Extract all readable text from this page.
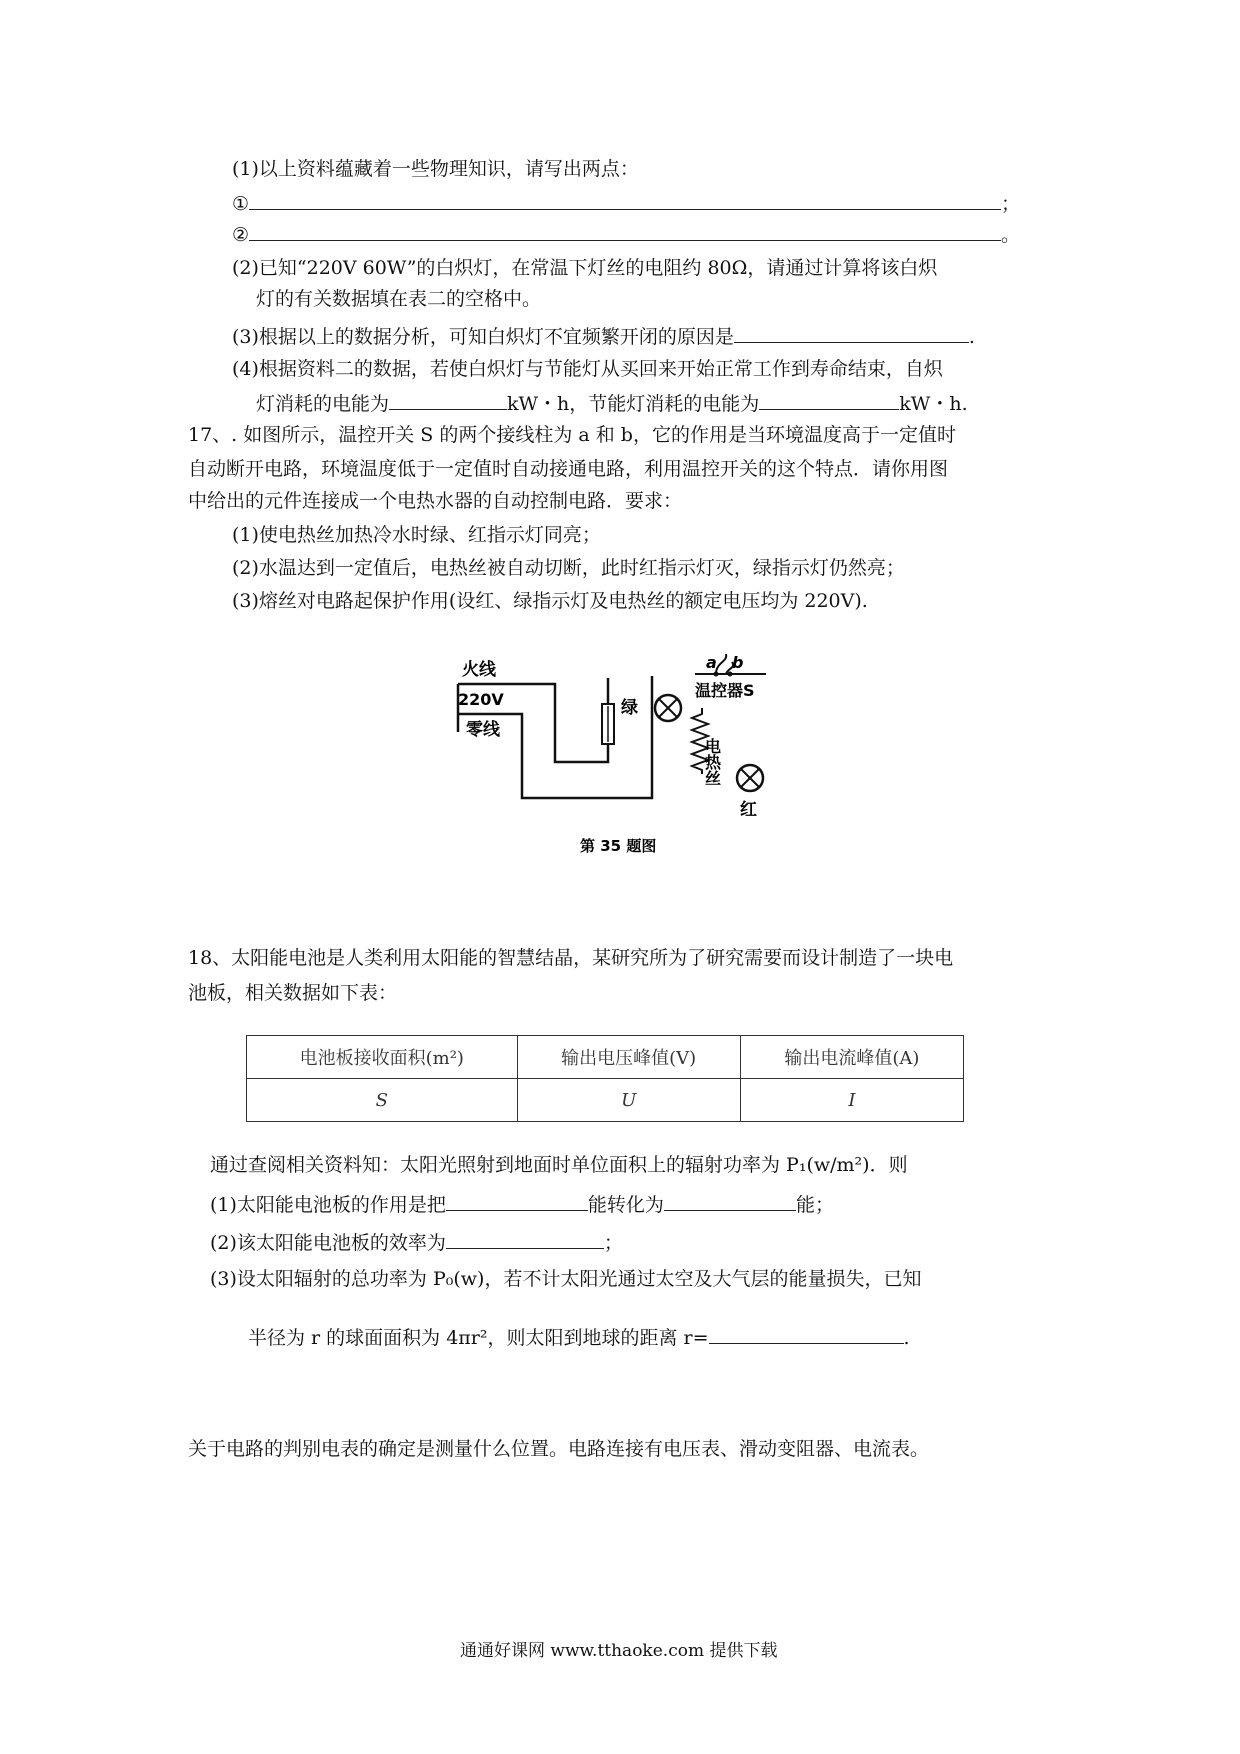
(1)以上资料蕴藏着一些物理知识，请写出两点：
①	；
②	。
(2)已知“220V 60W”的白炽灯，在常温下灯丝的电阻约 80Ω，请通过计算将该白炽
灯的有关数据填在表二的空格中。
(3)根据以上的数据分析，可知白炽灯不宜频繁开闭的原因是	.
(4)根据资料二的数据，若使白炽灯与节能灯从买回来开始正常工作到寿命结束，自炽
灯消耗的电能为	kW・h，节能灯消耗的电能为	kW・h.
17、. 如图所示，温控开关 S 的两个接线柱为 a 和 b，它的作用是当环境温度高于一定值时
自动断开电路，环境温度低于一定值时自动接通电路，利用温控开关的这个特点．请你用图
中给出的元件连接成一个电热水器的自动控制电路．要求：
(1)使电热丝加热冷水时绿、红指示灯同亮；
(2)水温达到一定值后，电热丝被自动切断，此时红指示灯灭，绿指示灯仍然亮；
(3)熔丝对电路起保护作用(设红、绿指示灯及电热丝的额定电压均为 220V).
火线
220V
零线
绿
a b
温控器S
电热丝
红
第 35 题图
18、太阳能电池是人类利用太阳能的智慧结晶，某研究所为了研究需要而设计制造了一块电
池板，相关数据如下表：
电池板接收面积(m²)	输出电压峰值(V)	输出电流峰值(A)
S	U	I
通过查阅相关资料知：太阳光照射到地面时单位面积上的辐射功率为 P₁(w/m²)．则
(1)太阳能电池板的作用是把	能转化为	能；
(2)该太阳能电池板的效率为	；
(3)设太阳辐射的总功率为 P₀(w)，若不计太阳光通过太空及大气层的能量损失，已知
半径为 r 的球面面积为 4πr²，则太阳到地球的距离 r=	.
关于电路的判别电表的确定是测量什么位置。电路连接有电压表、滑动变阻器、电流表。
通通好课网 www.tthaoke.com 提供下载
